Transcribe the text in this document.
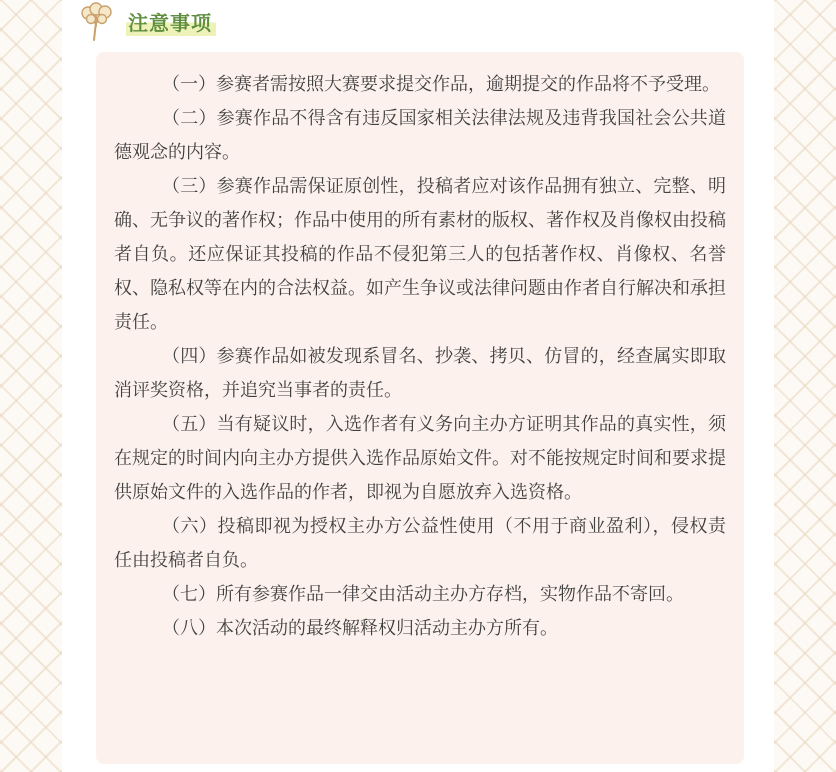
注意事项

（一）参赛者需按照大赛要求提交作品，逾期提交的作品将不予受理。

（二）参赛作品不得含有违反国家相关法律法规及违背我国社会公共道德观念的内容。

（三）参赛作品需保证原创性，投稿者应对该作品拥有独立、完整、明确、无争议的著作权；作品中使用的所有素材的版权、著作权及肖像权由投稿者自负。还应保证其投稿的作品不侵犯第三人的包括著作权、肖像权、名誉权、隐私权等在内的合法权益。如产生争议或法律问题由作者自行解决和承担责任。

（四）参赛作品如被发现系冒名、抄袭、拷贝、仿冒的，经查属实即取消评奖资格，并追究当事者的责任。

（五）当有疑议时，入选作者有义务向主办方证明其作品的真实性，须在规定的时间内向主办方提供入选作品原始文件。对不能按规定时间和要求提供原始文件的入选作品的作者，即视为自愿放弃入选资格。

（六）投稿即视为授权主办方公益性使用（不用于商业盈利），侵权责任由投稿者自负。

（七）所有参赛作品一律交由活动主办方存档，实物作品不寄回。

（八）本次活动的最终解释权归活动主办方所有。
